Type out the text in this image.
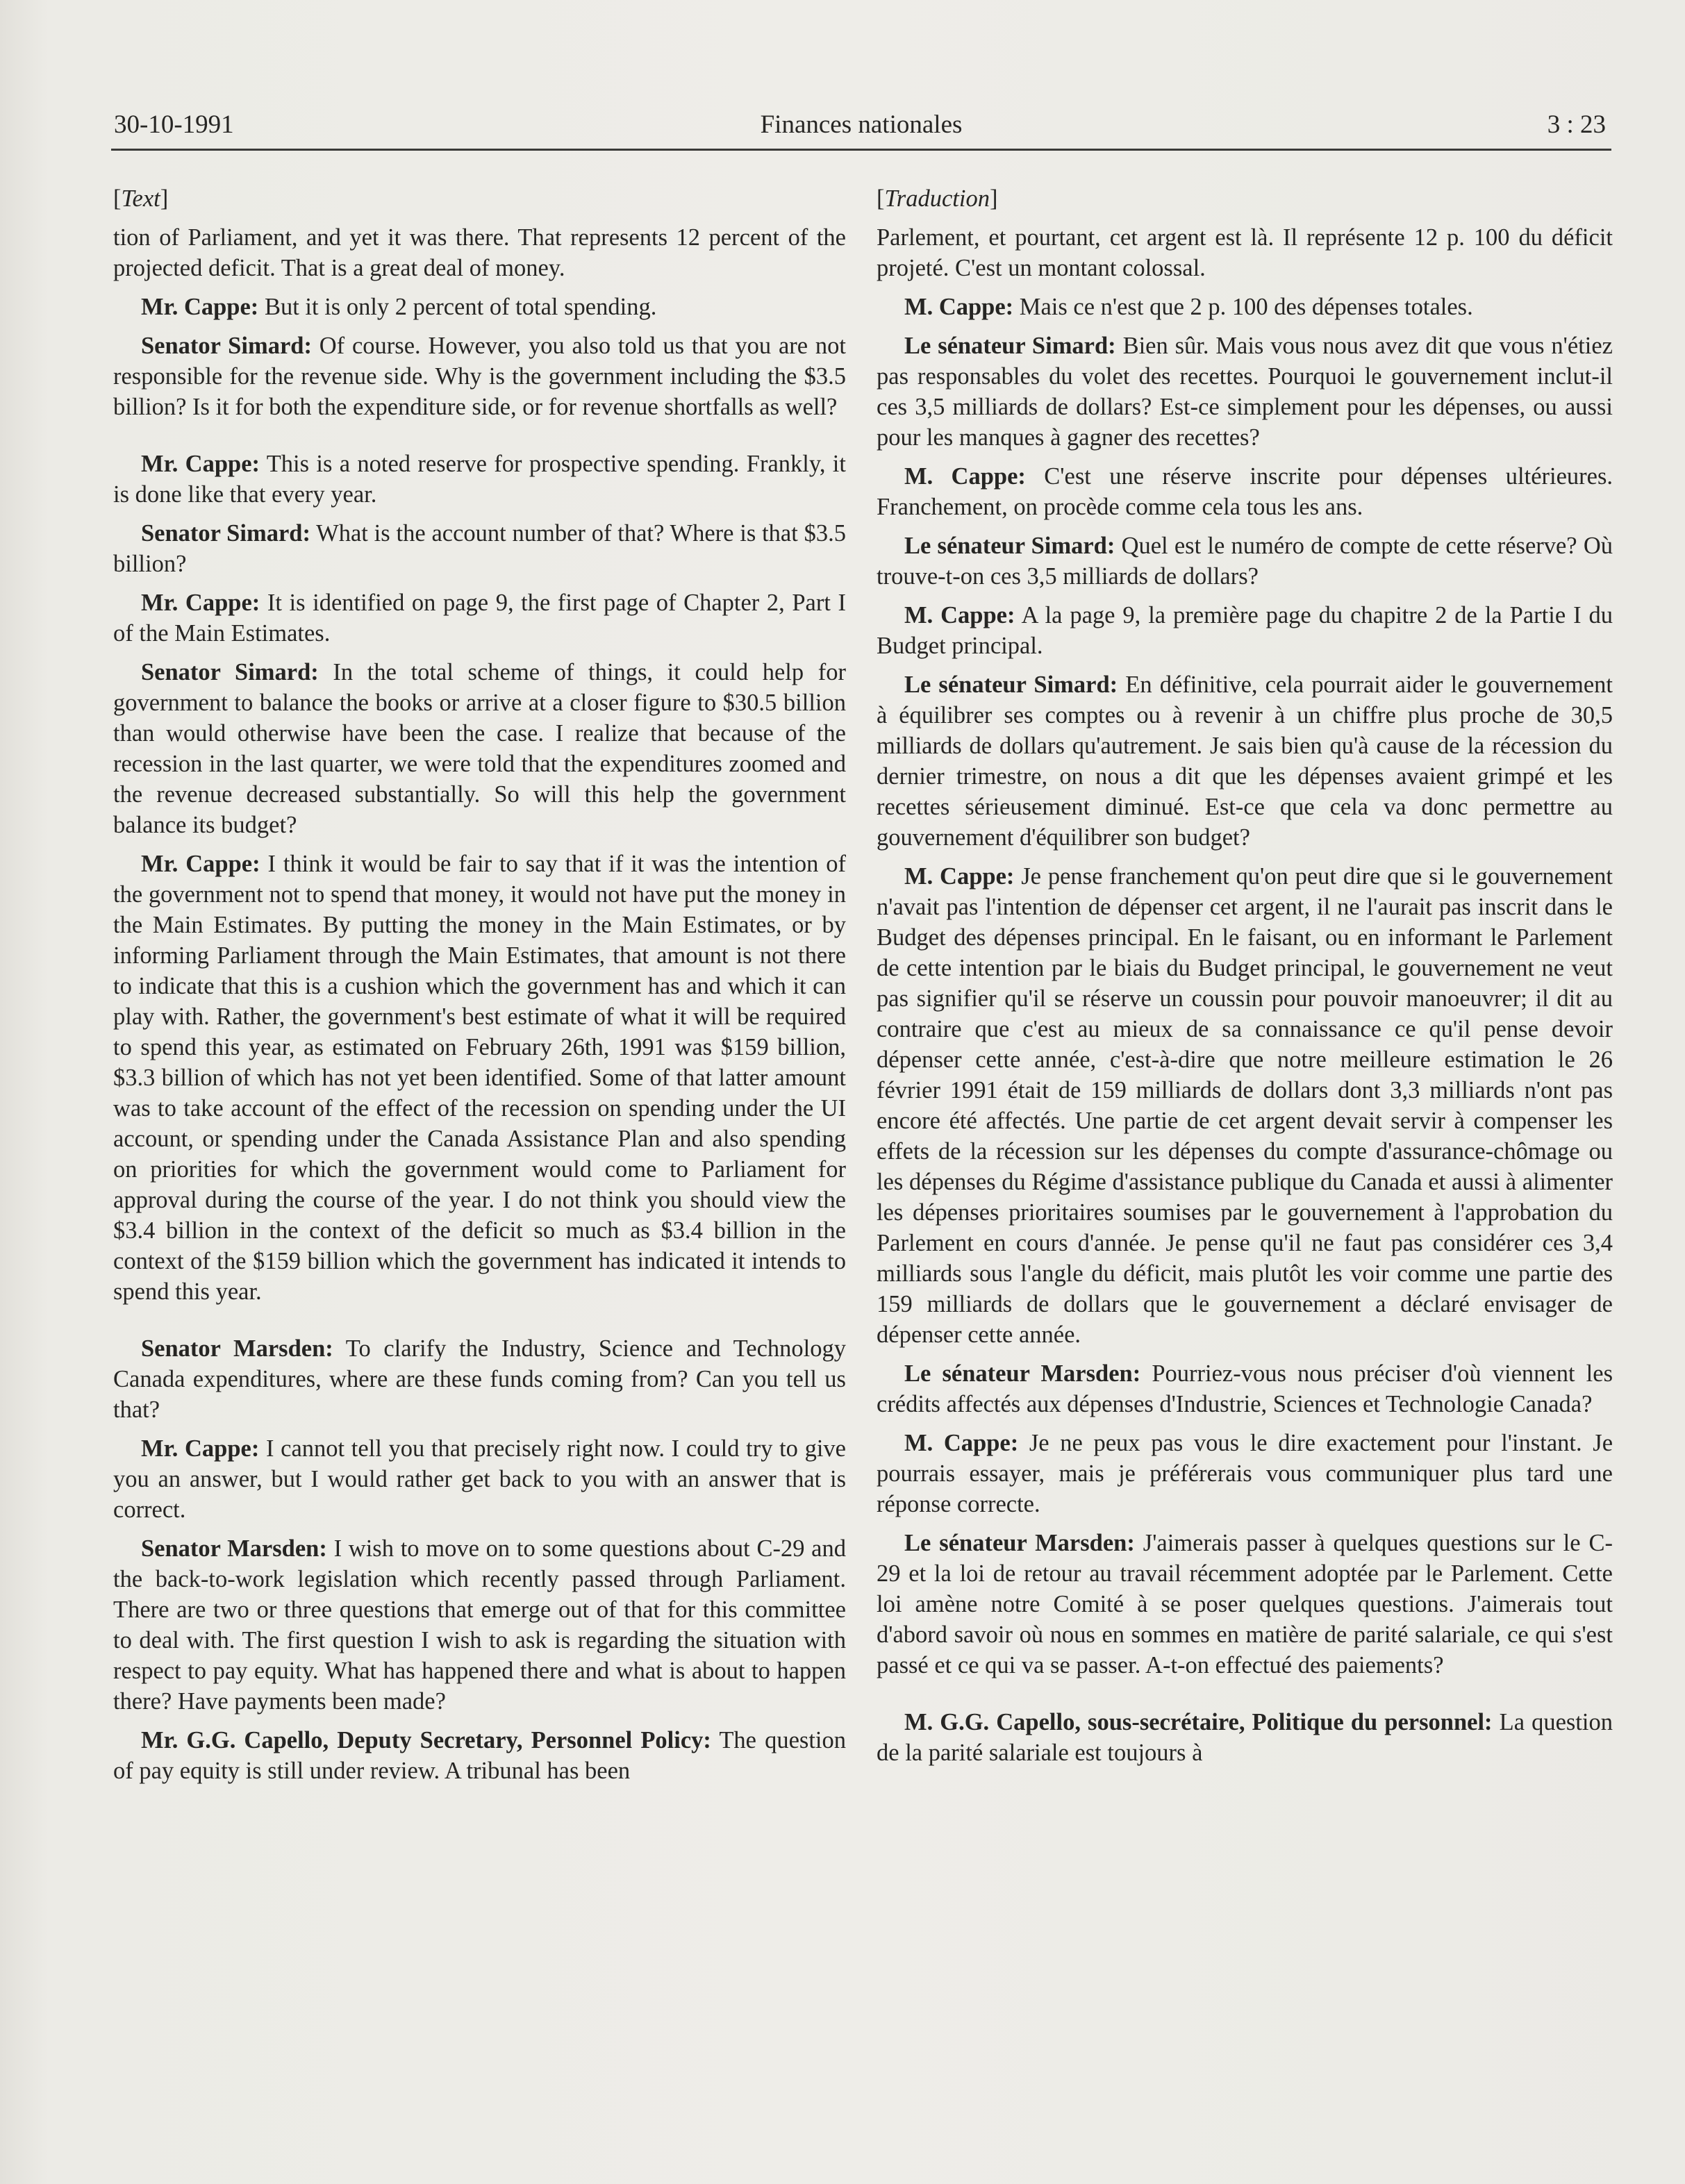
30-10-1991	Finances nationales	3 : 23

[Text]

tion of Parliament, and yet it was there. That represents 12 percent of the projected deficit. That is a great deal of money.

Mr. Cappe: But it is only 2 percent of total spending.

Senator Simard: Of course. However, you also told us that you are not responsible for the revenue side. Why is the government including the $3.5 billion? Is it for both the expenditure side, or for revenue shortfalls as well?

Mr. Cappe: This is a noted reserve for prospective spending. Frankly, it is done like that every year.

Senator Simard: What is the account number of that? Where is that $3.5 billion?

Mr. Cappe: It is identified on page 9, the first page of Chapter 2, Part I of the Main Estimates.

Senator Simard: In the total scheme of things, it could help for government to balance the books or arrive at a closer figure to $30.5 billion than would otherwise have been the case. I realize that because of the recession in the last quarter, we were told that the expenditures zoomed and the revenue decreased substantially. So will this help the government balance its budget?

Mr. Cappe: I think it would be fair to say that if it was the intention of the government not to spend that money, it would not have put the money in the Main Estimates. By putting the money in the Main Estimates, or by informing Parliament through the Main Estimates, that amount is not there to indicate that this is a cushion which the government has and which it can play with. Rather, the government's best estimate of what it will be required to spend this year, as estimated on February 26th, 1991 was $159 billion, $3.3 billion of which has not yet been identified. Some of that latter amount was to take account of the effect of the recession on spending under the UI account, or spending under the Canada Assistance Plan and also spending on priorities for which the government would come to Parliament for approval during the course of the year. I do not think you should view the $3.4 billion in the context of the deficit so much as $3.4 billion in the context of the $159 billion which the government has indicated it intends to spend this year.

Senator Marsden: To clarify the Industry, Science and Technology Canada expenditures, where are these funds coming from? Can you tell us that?

Mr. Cappe: I cannot tell you that precisely right now. I could try to give you an answer, but I would rather get back to you with an answer that is correct.

Senator Marsden: I wish to move on to some questions about C-29 and the back-to-work legislation which recently passed through Parliament. There are two or three questions that emerge out of that for this committee to deal with. The first question I wish to ask is regarding the situation with respect to pay equity. What has happened there and what is about to happen there? Have payments been made?

Mr. G.G. Capello, Deputy Secretary, Personnel Policy: The question of pay equity is still under review. A tribunal has been

[Traduction]

Parlement, et pourtant, cet argent est là. Il représente 12 p. 100 du déficit projeté. C'est un montant colossal.

M. Cappe: Mais ce n'est que 2 p. 100 des dépenses totales.

Le sénateur Simard: Bien sûr. Mais vous nous avez dit que vous n'étiez pas responsables du volet des recettes. Pourquoi le gouvernement inclut-il ces 3,5 milliards de dollars? Est-ce simplement pour les dépenses, ou aussi pour les manques à gagner des recettes?

M. Cappe: C'est une réserve inscrite pour dépenses ultérieures. Franchement, on procède comme cela tous les ans.

Le sénateur Simard: Quel est le numéro de compte de cette réserve? Où trouve-t-on ces 3,5 milliards de dollars?

M. Cappe: A la page 9, la première page du chapitre 2 de la Partie I du Budget principal.

Le sénateur Simard: En définitive, cela pourrait aider le gouvernement à équilibrer ses comptes ou à revenir à un chiffre plus proche de 30,5 milliards de dollars qu'autrement. Je sais bien qu'à cause de la récession du dernier trimestre, on nous a dit que les dépenses avaient grimpé et les recettes sérieusement diminué. Est-ce que cela va donc permettre au gouvernement d'équilibrer son budget?

M. Cappe: Je pense franchement qu'on peut dire que si le gouvernement n'avait pas l'intention de dépenser cet argent, il ne l'aurait pas inscrit dans le Budget des dépenses principal. En le faisant, ou en informant le Parlement de cette intention par le biais du Budget principal, le gouvernement ne veut pas signifier qu'il se réserve un coussin pour pouvoir manoeuvrer; il dit au contraire que c'est au mieux de sa connaissance ce qu'il pense devoir dépenser cette année, c'est-à-dire que notre meilleure estimation le 26 février 1991 était de 159 milliards de dollars dont 3,3 milliards n'ont pas encore été affectés. Une partie de cet argent devait servir à compenser les effets de la récession sur les dépenses du compte d'assurance-chômage ou les dépenses du Régime d'assistance publique du Canada et aussi à alimenter les dépenses prioritaires soumises par le gouvernement à l'approbation du Parlement en cours d'année. Je pense qu'il ne faut pas considérer ces 3,4 milliards sous l'angle du déficit, mais plutôt les voir comme une partie des 159 milliards de dollars que le gouvernement a déclaré envisager de dépenser cette année.

Le sénateur Marsden: Pourriez-vous nous préciser d'où viennent les crédits affectés aux dépenses d'Industrie, Sciences et Technologie Canada?

M. Cappe: Je ne peux pas vous le dire exactement pour l'instant. Je pourrais essayer, mais je préférerais vous communiquer plus tard une réponse correcte.

Le sénateur Marsden: J'aimerais passer à quelques questions sur le C-29 et la loi de retour au travail récemment adoptée par le Parlement. Cette loi amène notre Comité à se poser quelques questions. J'aimerais tout d'abord savoir où nous en sommes en matière de parité salariale, ce qui s'est passé et ce qui va se passer. A-t-on effectué des paiements?

M. G.G. Capello, sous-secrétaire, Politique du personnel: La question de la parité salariale est toujours à
